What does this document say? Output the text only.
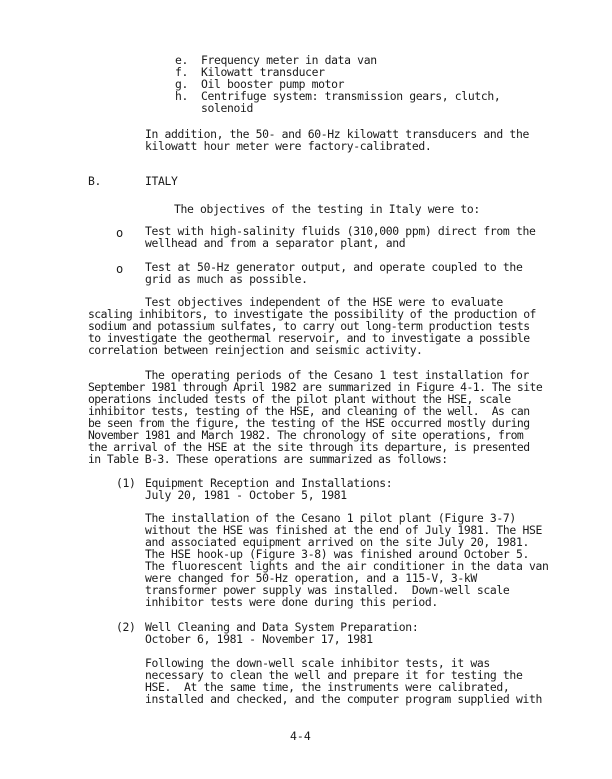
e. Frequency meter in data van
f. Kilowatt transducer
g. Oil booster pump motor
h. Centrifuge system: transmission gears, clutch,
solenoid
In addition, the 50- and 60-Hz kilowatt transducers and the
kilowatt hour meter were factory-calibrated.
B.	ITALY
The objectives of the testing in Italy were to:
o Test with high-salinity fluids (310,000 ppm) direct from the
wellhead and from a separator plant, and
o Test at 50-Hz generator output, and operate coupled to the
grid as much as possible.
Test objectives independent of the HSE were to evaluate
scaling inhibitors, to investigate the possibility of the production of
sodium and potassium sulfates, to carry out long-term production tests
to investigate the geothermal reservoir, and to investigate a possible
correlation between reinjection and seismic activity.
The operating periods of the Cesano 1 test installation for
September 1981 through April 1982 are summarized in Figure 4-1. The site
operations included tests of the pilot plant without the HSE, scale
inhibitor tests, testing of the HSE, and cleaning of the well.  As can
be seen from the figure, the testing of the HSE occurred mostly during
November 1981 and March 1982. The chronology of site operations, from
the arrival of the HSE at the site through its departure, is presented
in Table B-3. These operations are summarized as follows:
(1) Equipment Reception and Installations:
July 20, 1981 - October 5, 1981
The installation of the Cesano 1 pilot plant (Figure 3-7)
without the HSE was finished at the end of July 1981. The HSE
and associated equipment arrived on the site July 20, 1981.
The HSE hook-up (Figure 3-8) was finished around October 5.
The fluorescent lights and the air conditioner in the data van
were changed for 50-Hz operation, and a 115-V, 3-kW
transformer power supply was installed.  Down-well scale
inhibitor tests were done during this period.
(2) Well Cleaning and Data System Preparation:
October 6, 1981 - November 17, 1981
Following the down-well scale inhibitor tests, it was
necessary to clean the well and prepare it for testing the
HSE.  At the same time, the instruments were calibrated,
installed and checked, and the computer program supplied with
4-4
